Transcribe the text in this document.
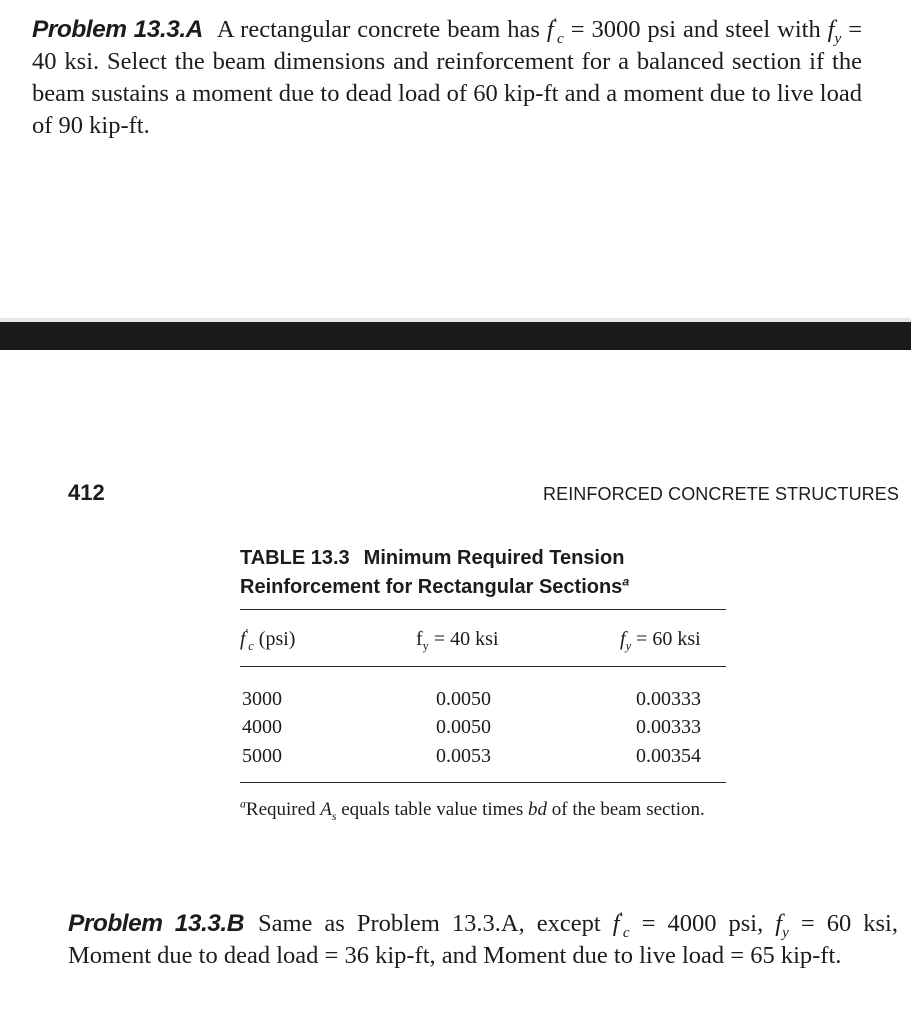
Problem 13.3.A A rectangular concrete beam has $f'_c = 3000$ psi and steel with $f_y = 40$ ksi. Select the beam dimensions and reinforcement for a balanced section if the beam sustains a moment due to dead load of 60 kip-ft and a moment due to live load of 90 kip-ft.
412	REINFORCED CONCRETE STRUCTURES
TABLE 13.3 Minimum Required Tension Reinforcement for Rectangular Sections$^a$
$f'_c$ (psi)	$f_y = 40$ ksi	$f_y = 60$ ksi
3000	0.0050	0.00333
4000	0.0050	0.00333
5000	0.0053	0.00354
$^a$Required $A_s$ equals table value times bd of the beam section.
Problem 13.3.B Same as Problem 13.3.A, except $f'_c = 4000$ psi, $f_y = 60$ ksi, Moment due to dead load = 36 kip-ft, and Moment due to live load = 65 kip-ft.
